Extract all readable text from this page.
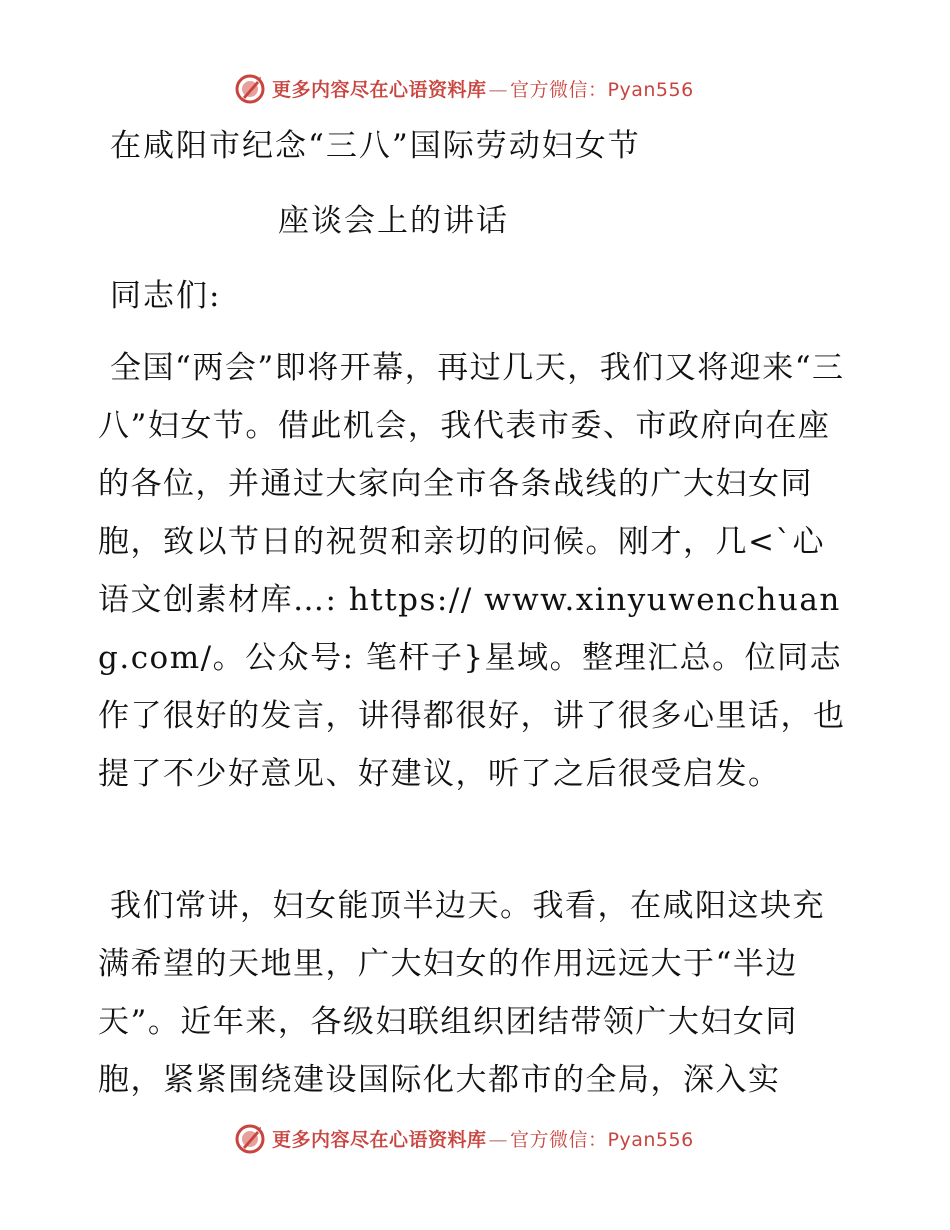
更多内容尽在心语资料库 — 官方微信：Pyan556
在咸阳市纪念“三八”国际劳动妇女节
座谈会上的讲话
同志们:

全国“两会”即将开幕，再过几天，我们又将迎来“三八”妇女节。借此机会，我代表市委、市政府向在座的各位，并通过大家向全市各条战线的广大妇女同胞，致以节日的祝贺和亲切的问候。刚才，几<`心语文创素材库…: https:// www.xinyuwenchuang.com/。公众号: 笔杆子}星域。整理汇总。位同志作了很好的发言，讲得都很好，讲了很多心里话，也提了不少好意见、好建议，听了之后很受启发。

我们常讲，妇女能顶半边天。我看，在咸阳这块充满希望的天地里，广大妇女的作用远远大于“半边天”。近年来，各级妇联组织团结带领广大妇女同胞，紧紧围绕建设国际化大都市的全局，深入实

更多内容尽在心语资料库 — 官方微信：Pyan556
